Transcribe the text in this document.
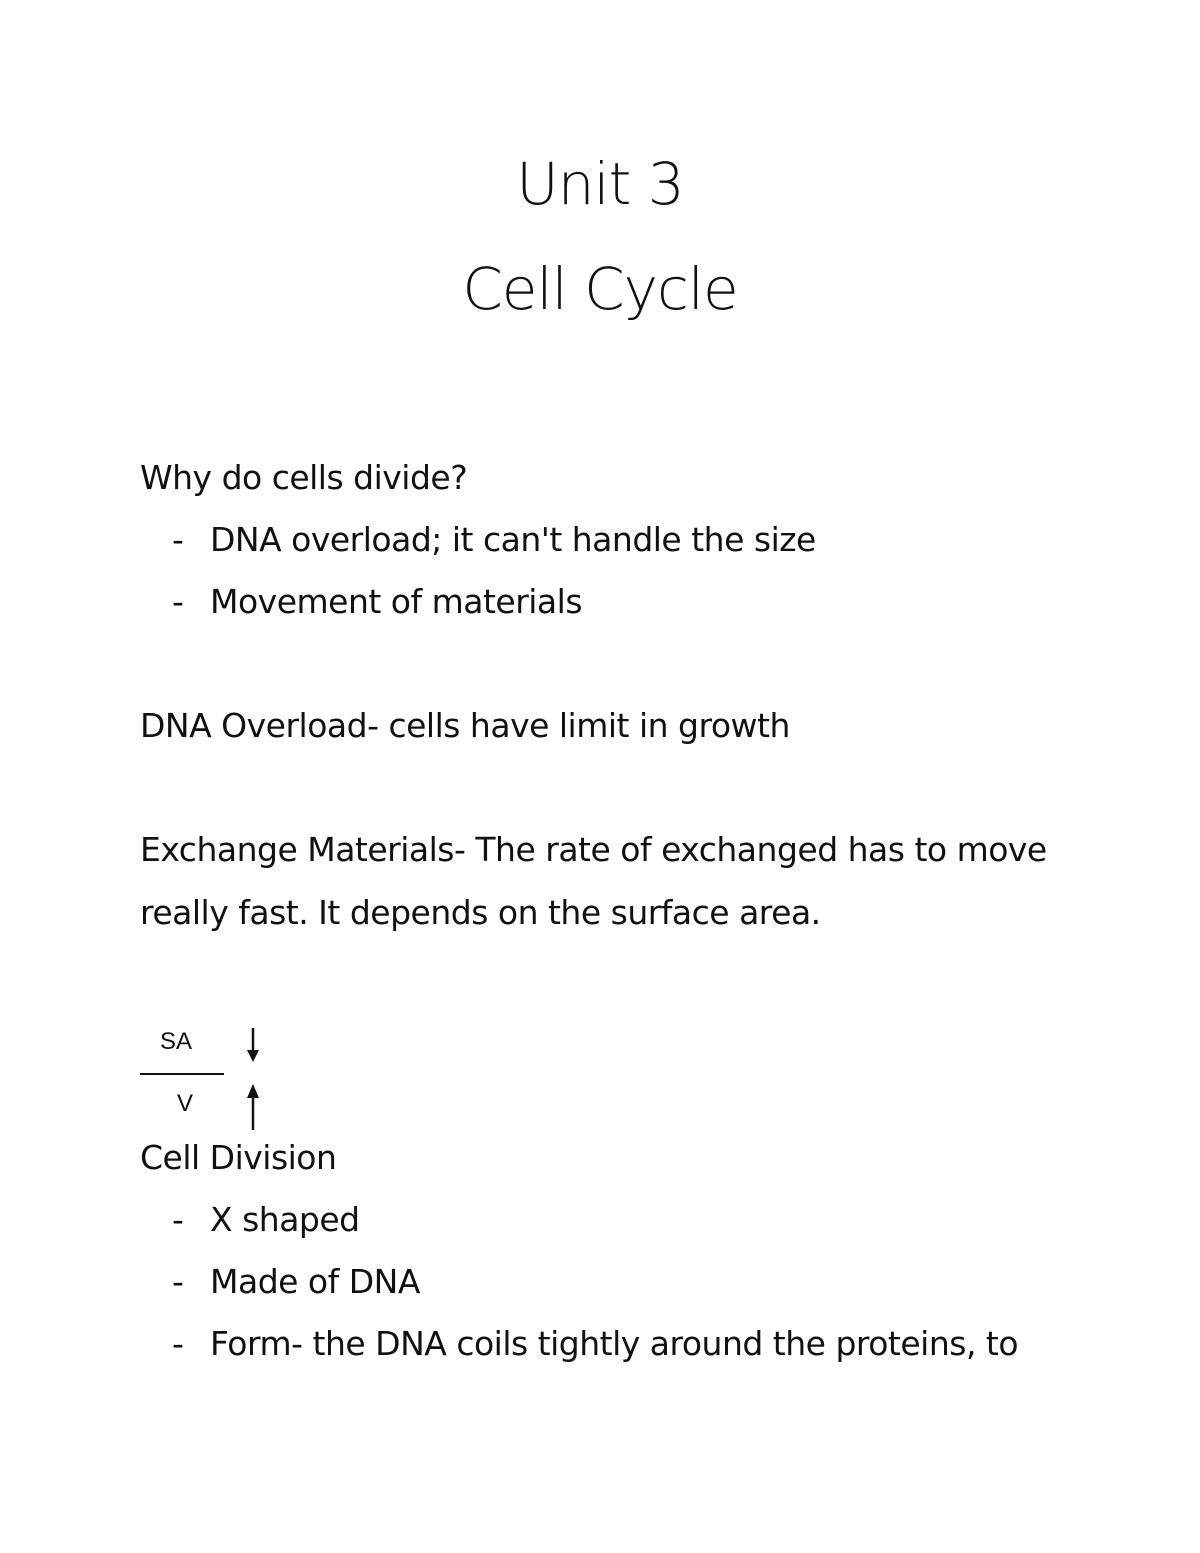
Unit 3
Cell Cycle
Why do cells divide?
- DNA overload; it can't handle the size
- Movement of materials
DNA Overload- cells have limit in growth
Exchange Materials- The rate of exchanged has to move
really fast. It depends on the surface area.
SA
V
Cell Division
- X shaped
- Made of DNA
- Form- the DNA coils tightly around the proteins, to
